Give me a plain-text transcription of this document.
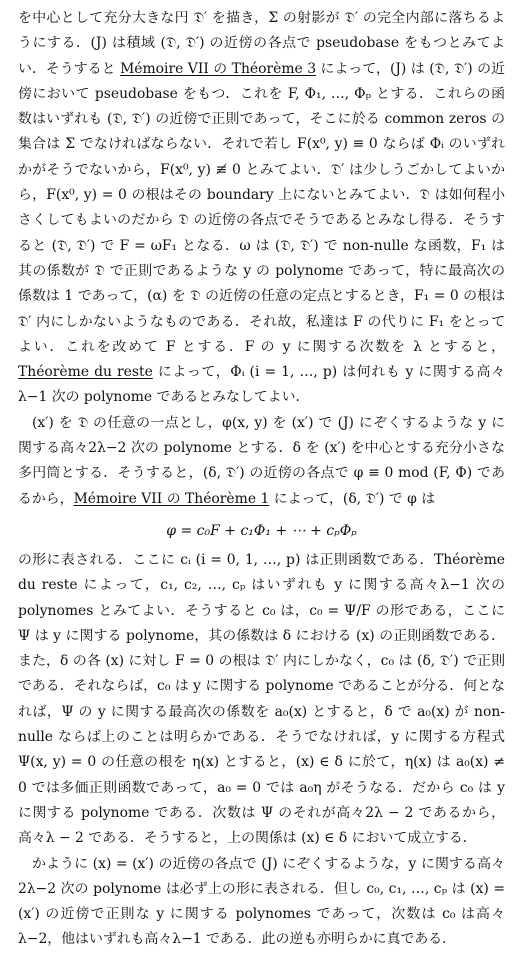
を中心として充分大きな円 𝔇′ を描き，Σ の射影が 𝔇′ の完全内部に落ちるようにする．(J) は積域 (𝔇, 𝔇′) の近傍の各点で pseudobase をもつとみてよい．そうすると Mémoire VII の Théorème 3 によって，(J) は (𝔇, 𝔇′) の近傍において pseudobase をもつ．これを F, Φ₁, …, Φₚ とする．これらの函数はいずれも (𝔇, 𝔇′) の近傍で正則であって，そこに於る common zeros の集合は Σ でなければならない．それで若し F(x⁰, y) ≡ 0 ならば Φᵢ のいずれかがそうでないから，F(x⁰, y) ≢ 0 とみてよい．𝔇′ は少しうごかしてよいから，F(x⁰, y) = 0 の根はその boundary 上にないとみてよい．𝔇 は如何程小さくしてもよいのだから 𝔇 の近傍の各点でそうであるとみなし得る．そうすると (𝔇, 𝔇′) で F = ωF₁ となる．ω は (𝔇, 𝔇′) で non-nulle な函数，F₁ は其の係数が 𝔇 で正則であるような y の polynome であって，特に最高次の係数は 1 であって，(α) を 𝔇 の近傍の任意の定点とするとき，F₁ = 0 の根は 𝔇′ 内にしかないようなものである．それ故，私達は F の代りに F₁ をとってよい．これを改めて F とする．F の y に関する次数を λ とすると，Théorème du reste によって，Φᵢ (i = 1, …, p) は何れも y に関する高々λ−1 次の polynome であるとみなしてよい．

(x′) を 𝔇 の任意の一点とし，φ(x, y) を (x′) で (J) にぞくするような y に関する高々2λ−2 次の polynome とする．δ を (x′) を中心とする充分小さな多円筒とする．そうすると，(δ, 𝔇′) の近傍の各点で φ ≡ 0 mod (F, Φ) であるから，Mémoire VII の Théorème 1 によって，(δ, 𝔇′) で φ は

φ = c₀F + c₁Φ₁ + ⋯ + cₚΦₚ

の形に表される．ここに cᵢ (i = 0, 1, …, p) は正則函数である．Théorème du reste によって，c₁, c₂, …, cₚ はいずれも y に関する高々λ−1 次の polynomes とみてよい．そうすると c₀ は，c₀ = Ψ/F の形である，ここに Ψ は y に関する polynome，其の係数は δ における (x) の正則函数である．また，δ の各 (x) に対し F = 0 の根は 𝔇′ 内にしかなく，c₀ は (δ, 𝔇′) で正則である．それならば，c₀ は y に関する polynome であることが分る．何となれば，Ψ の y に関する最高次の係数を a₀(x) とすると，δ で a₀(x) が non-nulle ならば上のことは明らかである．そうでなければ，y に関する方程式 Ψ(x, y) = 0 の任意の根を η(x) とすると，(x) ∈ δ に於て，η(x) は a₀(x) ≠ 0 では多価正則函数であって，a₀ = 0 では a₀η がそうなる．だから c₀ は y に関する polynome である．次数は Ψ のそれが高々2λ − 2 であるから，高々λ − 2 である．そうすると，上の関係は (x) ∈ δ において成立する．

かように (x) = (x′) の近傍の各点で (J) にぞくするような，y に関する高々2λ−2 次の polynome は必ず上の形に表される．但し c₀, c₁, …, cₚ は (x) = (x′) の近傍で正則な y に関する polynomes であって，次数は c₀ は高々λ−2，他はいずれも高々λ−1 である．此の逆も亦明らかに真である．
